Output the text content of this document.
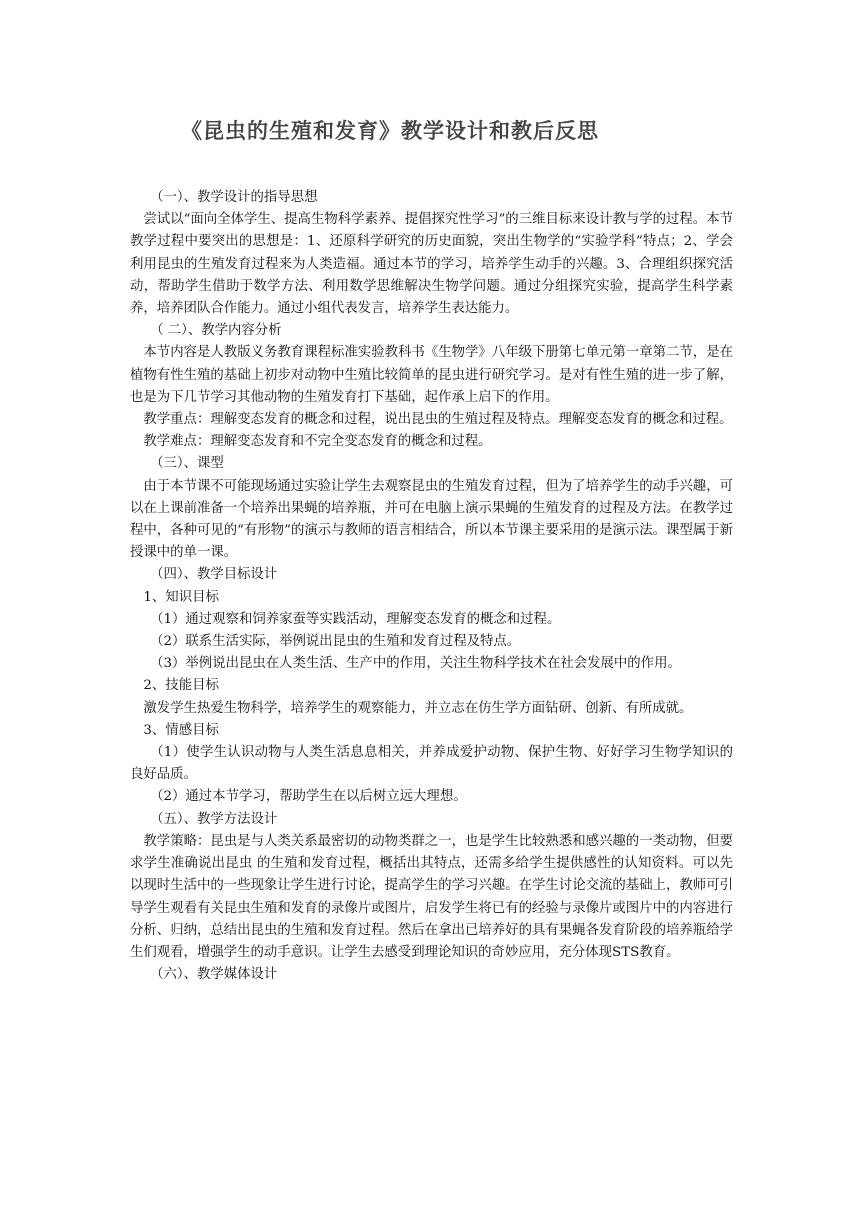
《昆虫的生殖和发育》教学设计和教后反思

（一）、教学设计的指导思想

尝试以“面向全体学生、提高生物科学素养、提倡探究性学习”的三维目标来设计教与学的过程。本节教学过程中要突出的思想是：1、还原科学研究的历史面貌，突出生物学的“实验学科”特点；2、学会利用昆虫的生殖发育过程来为人类造福。通过本节的学习，培养学生动手的兴趣。3、合理组织探究活动，帮助学生借助于数学方法、利用数学思维解决生物学问题。通过分组探究实验，提高学生科学素养，培养团队合作能力。通过小组代表发言，培养学生表达能力。

（ 二）、教学内容分析

本节内容是人教版义务教育课程标准实验教科书《生物学》八年级下册第七单元第一章第二节，是在植物有性生殖的基础上初步对动物中生殖比较简单的昆虫进行研究学习。是对有性生殖的进一步了解，也是为下几节学习其他动物的生殖发育打下基础，起作承上启下的作用。

教学重点：理解变态发育的概念和过程，说出昆虫的生殖过程及特点。理解变态发育的概念和过程。

教学难点：理解变态发育和不完全变态发育的概念和过程。

（三）、课型

由于本节课不可能现场通过实验让学生去观察昆虫的生殖发育过程，但为了培养学生的动手兴趣，可以在上课前准备一个培养出果蝇的培养瓶，并可在电脑上演示果蝇的生殖发育的过程及方法。在教学过程中，各种可见的“有形物”的演示与教师的语言相结合，所以本节课主要采用的是演示法。课型属于新授课中的单一课。

（四）、教学目标设计

1、知识目标

（1）通过观察和饲养家蚕等实践活动，理解变态发育的概念和过程。

（2）联系生活实际，举例说出昆虫的生殖和发育过程及特点。

（3）举例说出昆虫在人类生活、生产中的作用，关注生物科学技术在社会发展中的作用。

2、技能目标

激发学生热爱生物科学，培养学生的观察能力，并立志在仿生学方面钻研、创新、有所成就。

3、情感目标

（1）使学生认识动物与人类生活息息相关，并养成爱护动物、保护生物、好好学习生物学知识的良好品质。

（2）通过本节学习，帮助学生在以后树立远大理想。

（五）、教学方法设计

教学策略：昆虫是与人类关系最密切的动物类群之一，也是学生比较熟悉和感兴趣的一类动物，但要求学生准确说出昆虫 的生殖和发育过程，概括出其特点，还需多给学生提供感性的认知资料。可以先以现时生活中的一些现象让学生进行讨论，提高学生的学习兴趣。在学生讨论交流的基础上，教师可引导学生观看有关昆虫生殖和发育的录像片或图片，启发学生将已有的经验与录像片或图片中的内容进行分析、归纳，总结出昆虫的生殖和发育过程。然后在拿出已培养好的具有果蝇各发育阶段的培养瓶给学生们观看，增强学生的动手意识。让学生去感受到理论知识的奇妙应用，充分体现STS教育。

（六）、教学媒体设计
